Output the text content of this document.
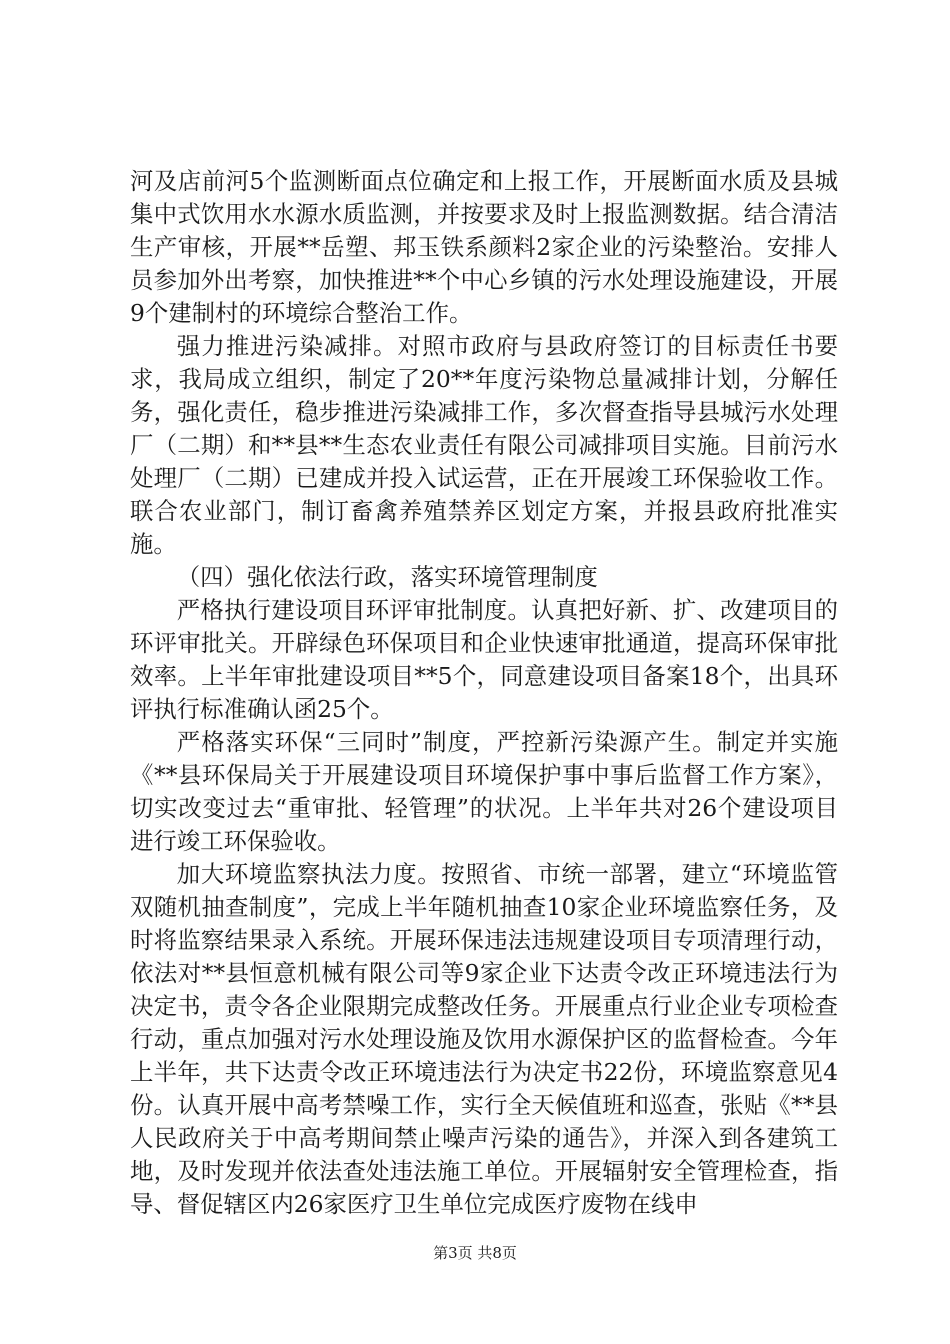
河及店前河5个监测断面点位确定和上报工作，开展断面水质及县城集中式饮用水水源水质监测，并按要求及时上报监测数据。结合清洁生产审核，开展**岳塑、邦玉铁系颜料2家企业的污染整治。安排人员参加外出考察，加快推进**个中心乡镇的污水处理设施建设，开展9个建制村的环境综合整治工作。

强力推进污染减排。对照市政府与县政府签订的目标责任书要求，我局成立组织，制定了20**年度污染物总量减排计划，分解任务，强化责任，稳步推进污染减排工作，多次督查指导县城污水处理厂（二期）和**县**生态农业责任有限公司减排项目实施。目前污水处理厂（二期）已建成并投入试运营，正在开展竣工环保验收工作。联合农业部门，制订畜禽养殖禁养区划定方案，并报县政府批准实施。

（四）强化依法行政，落实环境管理制度

严格执行建设项目环评审批制度。认真把好新、扩、改建项目的环评审批关。开辟绿色环保项目和企业快速审批通道，提高环保审批效率。上半年审批建设项目**5个，同意建设项目备案18个，出具环评执行标准确认函25个。

严格落实环保“三同时”制度，严控新污染源产生。制定并实施《**县环保局关于开展建设项目环境保护事中事后监督工作方案》，切实改变过去“重审批、轻管理”的状况。上半年共对26个建设项目进行竣工环保验收。

加大环境监察执法力度。按照省、市统一部署，建立“环境监管双随机抽查制度”，完成上半年随机抽查10家企业环境监察任务，及时将监察结果录入系统。开展环保违法违规建设项目专项清理行动，依法对**县恒意机械有限公司等9家企业下达责令改正环境违法行为决定书，责令各企业限期完成整改任务。开展重点行业企业专项检查行动，重点加强对污水处理设施及饮用水源保护区的监督检查。今年上半年，共下达责令改正环境违法行为决定书22份，环境监察意见4份。认真开展中高考禁噪工作，实行全天候值班和巡查，张贴《**县人民政府关于中高考期间禁止噪声污染的通告》，并深入到各建筑工地，及时发现并依法查处违法施工单位。开展辐射安全管理检查，指导、督促辖区内26家医疗卫生单位完成医疗废物在线申

第3页 共8页
